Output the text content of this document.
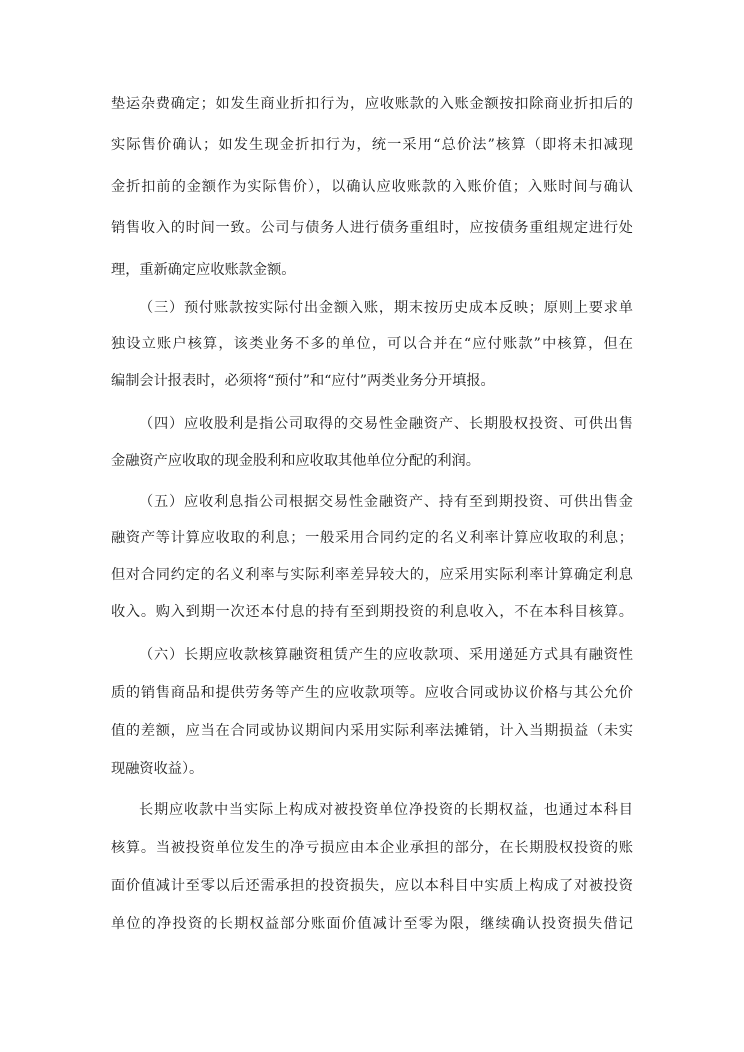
垫运杂费确定；如发生商业折扣行为，应收账款的入账金额按扣除商业折扣后的
实际售价确认；如发生现金折扣行为，统一采用“总价法”核算（即将未扣减现
金折扣前的金额作为实际售价），以确认应收账款的入账价值；入账时间与确认
销售收入的时间一致。公司与债务人进行债务重组时，应按债务重组规定进行处
理，重新确定应收账款金额。
（三）预付账款按实际付出金额入账，期末按历史成本反映；原则上要求单
独设立账户核算，该类业务不多的单位，可以合并在“应付账款”中核算，但在
编制会计报表时，必须将“预付”和“应付”两类业务分开填报。
（四）应收股利是指公司取得的交易性金融资产、长期股权投资、可供出售
金融资产应收取的现金股利和应收取其他单位分配的利润。
（五）应收利息指公司根据交易性金融资产、持有至到期投资、可供出售金
融资产等计算应收取的利息；一般采用合同约定的名义利率计算应收取的利息；
但对合同约定的名义利率与实际利率差异较大的，应采用实际利率计算确定利息
收入。购入到期一次还本付息的持有至到期投资的利息收入，不在本科目核算。
（六）长期应收款核算融资租赁产生的应收款项、采用递延方式具有融资性
质的销售商品和提供劳务等产生的应收款项等。应收合同或协议价格与其公允价
值的差额，应当在合同或协议期间内采用实际利率法摊销，计入当期损益（未实
现融资收益）。
长期应收款中当实际上构成对被投资单位净投资的长期权益，也通过本科目
核算。当被投资单位发生的净亏损应由本企业承担的部分，在长期股权投资的账
面价值减计至零以后还需承担的投资损失，应以本科目中实质上构成了对被投资
单位的净投资的长期权益部分账面价值减计至零为限，继续确认投资损失借记
